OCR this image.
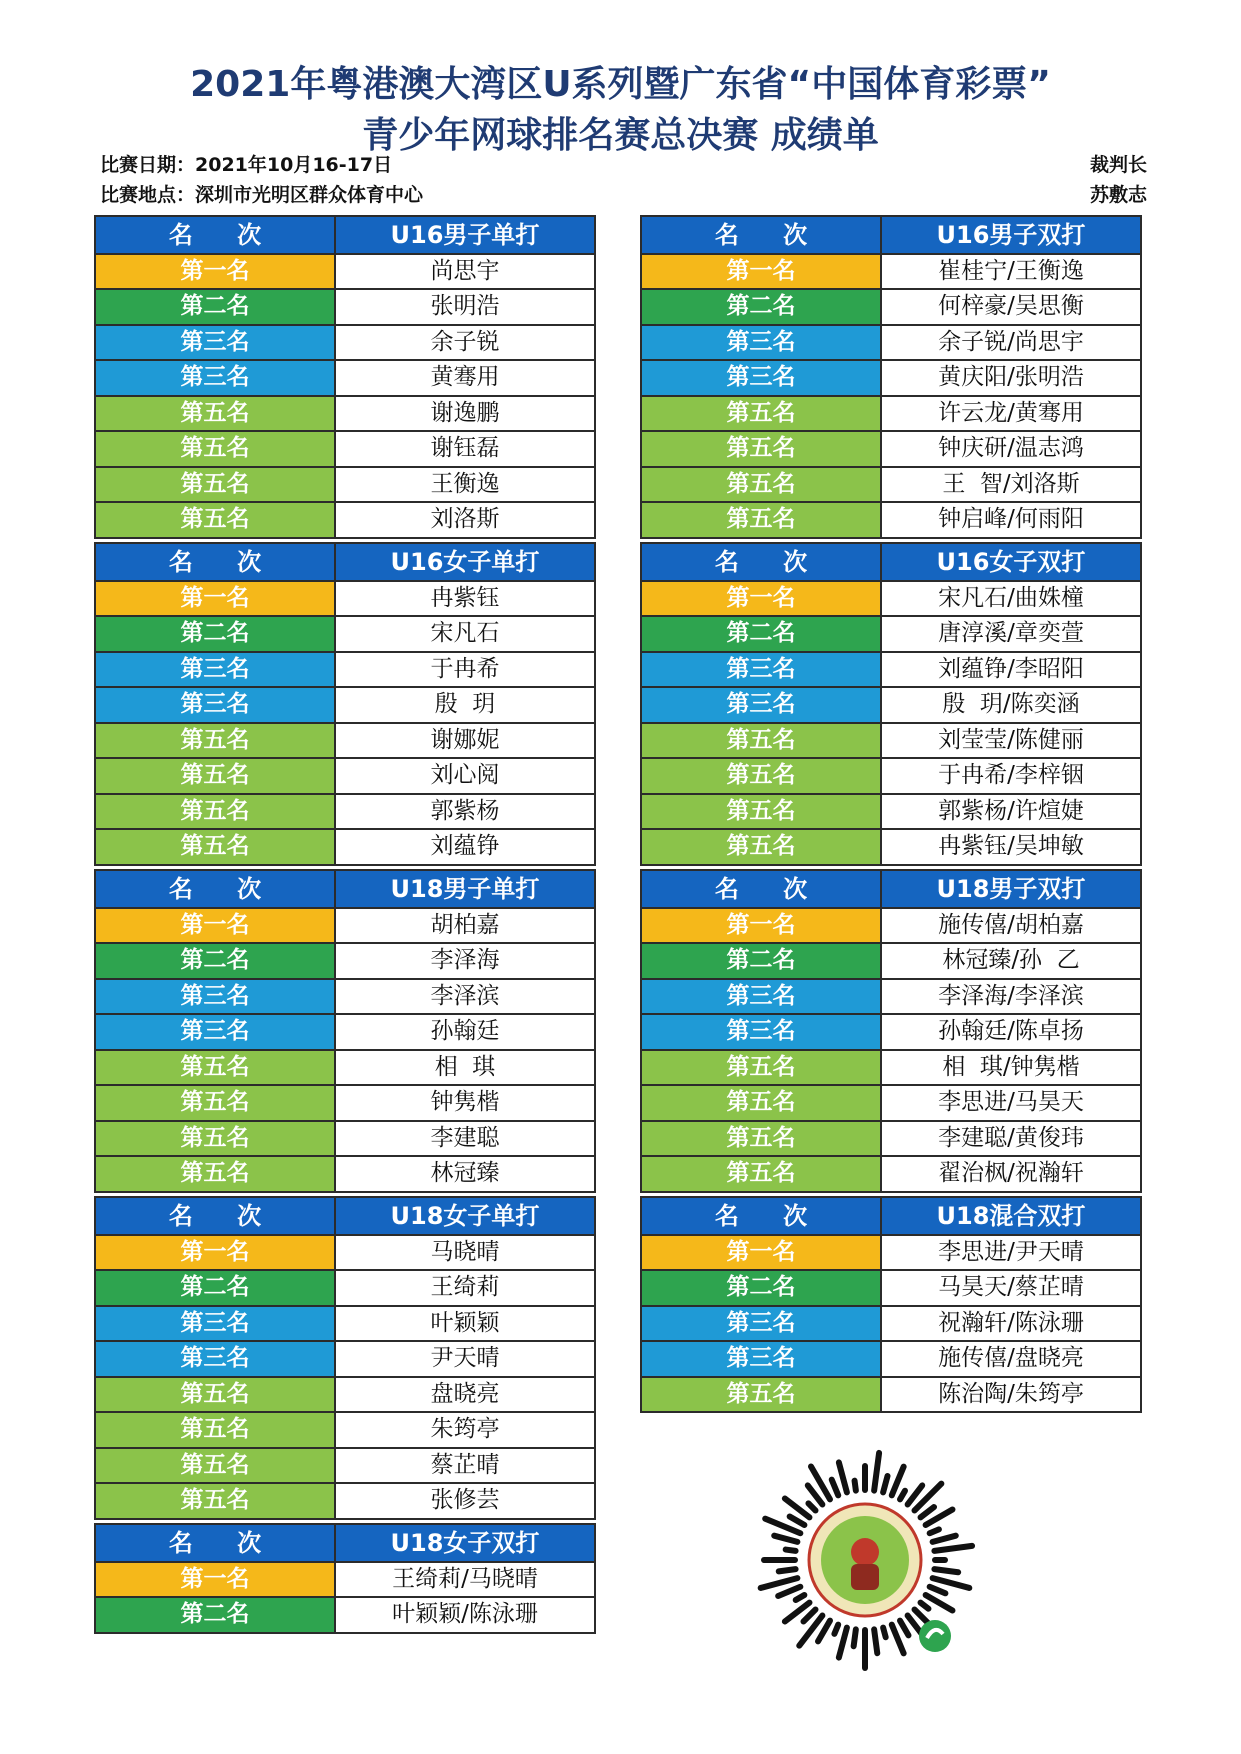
2021年粤港澳大湾区U系列暨广东省“中国体育彩票”
青少年网球排名赛总决赛 成绩单
比赛日期：2021年10月16-17日
比赛地点：深圳市光明区群众体育中心
裁判长
苏敷志
名 次	U16男子单打
第一名	尚思宇
第二名	张明浩
第三名	余子锐
第三名	黄骞用
第五名	谢逸鹏
第五名	谢钰磊
第五名	王衡逸
第五名	刘洛斯
名 次	U16男子双打
第一名	崔桂宁/王衡逸
第二名	何梓豪/吴思衡
第三名	余子锐/尚思宇
第三名	黄庆阳/张明浩
第五名	许云龙/黄骞用
第五名	钟庆研/温志鸿
第五名	王  智/刘洛斯
第五名	钟启峰/何雨阳
名 次	U16女子单打
第一名	冉紫钰
第二名	宋凡石
第三名	于冉希
第三名	殷  玥
第五名	谢娜妮
第五名	刘心阅
第五名	郭紫杨
第五名	刘蕴铮
名 次	U16女子双打
第一名	宋凡石/曲姝橦
第二名	唐淳溪/章奕萱
第三名	刘蕴铮/李昭阳
第三名	殷  玥/陈奕涵
第五名	刘莹莹/陈健丽
第五名	于冉希/李梓铟
第五名	郭紫杨/许煊婕
第五名	冉紫钰/吴坤敏
名 次	U18男子单打
第一名	胡柏嘉
第二名	李泽海
第三名	李泽滨
第三名	孙翰廷
第五名	相  琪
第五名	钟隽楷
第五名	李建聪
第五名	林冠臻
名 次	U18男子双打
第一名	施传僖/胡柏嘉
第二名	林冠臻/孙  乙
第三名	李泽海/李泽滨
第三名	孙翰廷/陈卓扬
第五名	相  琪/钟隽楷
第五名	李思进/马昊天
第五名	李建聪/黄俊玮
第五名	翟治枫/祝瀚轩
名 次	U18女子单打
第一名	马晓晴
第二名	王绮莉
第三名	叶颖颖
第三名	尹天晴
第五名	盘晓亮
第五名	朱筠亭
第五名	蔡芷晴
第五名	张修芸
名 次	U18混合双打
第一名	李思进/尹天晴
第二名	马昊天/蔡芷晴
第三名	祝瀚轩/陈泳珊
第三名	施传僖/盘晓亮
第五名	陈治陶/朱筠亭
名 次	U18女子双打
第一名	王绮莉/马晓晴
第二名	叶颖颖/陈泳珊
